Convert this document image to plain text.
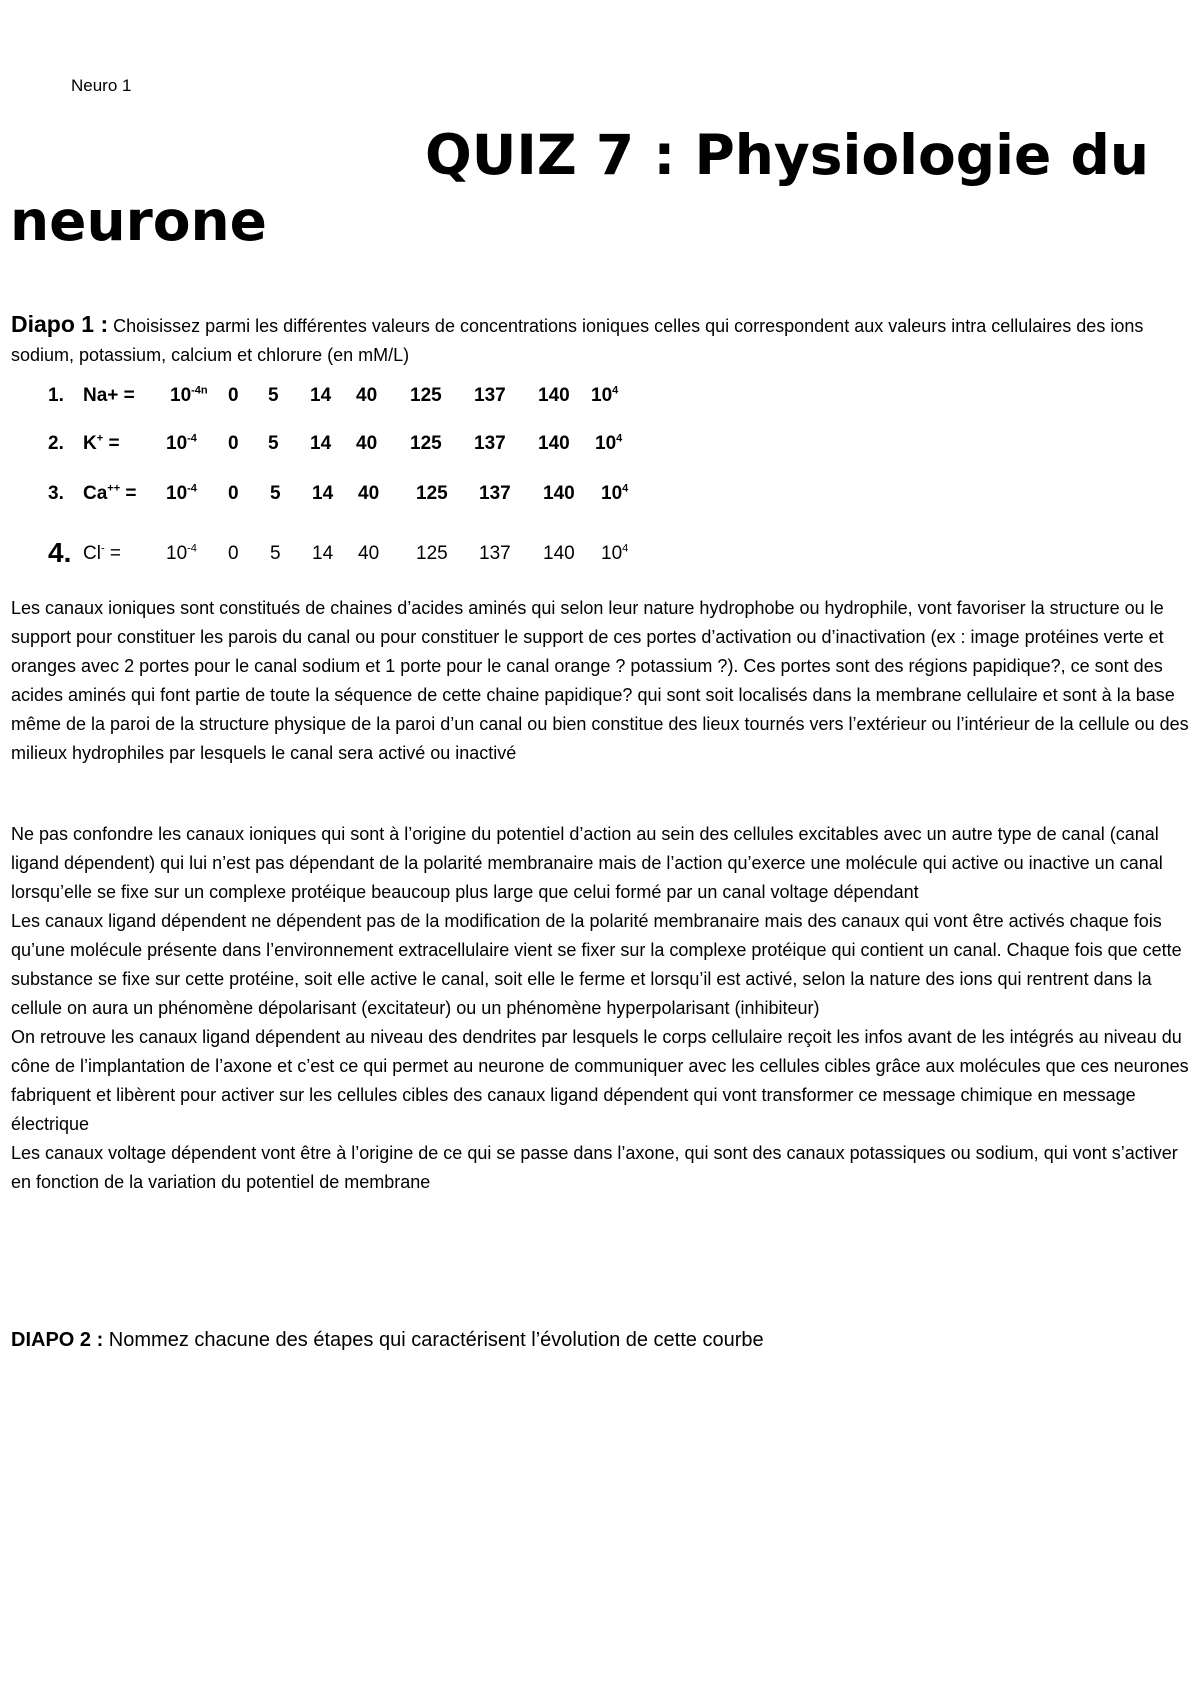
Neuro 1
QUIZ 7 : Physiologie du
neurone
Diapo 1 : Choisissez parmi les différentes valeurs de concentrations ioniques celles qui correspondent aux valeurs intra cellulaires des ions sodium, potassium, calcium et chlorure (en mM/L)
1. $Na+ = 10^{-4n}$ 0 5 14 40 125 137 140 $10^4$
2. $K^+ = 10^{-4}$ 0 5 14 40 125 137 140 $10^4$
3. $Ca^{++} = 10^{-4}$ 0 5 14 40 125 137 140 $10^4$
4. $Cl^- = 10^{-4}$ 0 5 14 40 125 137 140 $10^4$

Les canaux ioniques sont constitués de chaines d’acides aminés qui selon leur nature hydrophobe ou hydrophile, vont favoriser la structure ou le support pour constituer les parois du canal ou pour constituer le support de ces portes d’activation ou d’inactivation (ex : image protéines verte et oranges avec 2 portes pour le canal sodium et 1 porte pour le canal orange ? potassium ?). Ces portes sont des régions papidique?, ce sont des acides aminés qui font partie de toute la séquence de cette chaine papidique? qui sont soit localisés dans la membrane cellulaire et sont à la base même de la paroi de la structure physique de la paroi d’un canal ou bien constitue des lieux tournés vers l’extérieur ou l’intérieur de la cellule ou des milieux hydrophiles par lesquels le canal sera activé ou inactivé

Ne pas confondre les canaux ioniques qui sont à l’origine du potentiel d’action au sein des cellules excitables avec un autre type de canal (canal ligand dépendent) qui lui n’est pas dépendant de la polarité membranaire mais de l’action qu’exerce une molécule qui active ou inactive un canal lorsqu’elle se fixe sur un complexe protéique beaucoup plus large que celui formé par un canal voltage dépendant

Les canaux ligand dépendent ne dépendent pas de la modification de la polarité membranaire mais des canaux qui vont être activés chaque fois qu’une molécule présente dans l’environnement extracellulaire vient se fixer sur la complexe protéique qui contient un canal. Chaque fois que cette substance se fixe sur cette protéine, soit elle active le canal, soit elle le ferme et lorsqu’il est activé, selon la nature des ions qui rentrent dans la cellule on aura un phénomène dépolarisant (excitateur) ou un phénomène hyperpolarisant (inhibiteur)

On retrouve les canaux ligand dépendent au niveau des dendrites par lesquels le corps cellulaire reçoit les infos avant de les intégrés au niveau du cône de l’implantation de l’axone et c’est ce qui permet au neurone de communiquer avec les cellules cibles grâce aux molécules que ces neurones fabriquent et libèrent pour activer sur les cellules cibles des canaux ligand dépendent qui vont transformer ce message chimique en message électrique

Les canaux voltage dépendent vont être à l’origine de ce qui se passe dans l’axone, qui sont des canaux potassiques ou sodium, qui vont s’activer en fonction de la variation du potentiel de membrane

DIAPO 2 : Nommez chacune des étapes qui caractérisent l’évolution de cette courbe
